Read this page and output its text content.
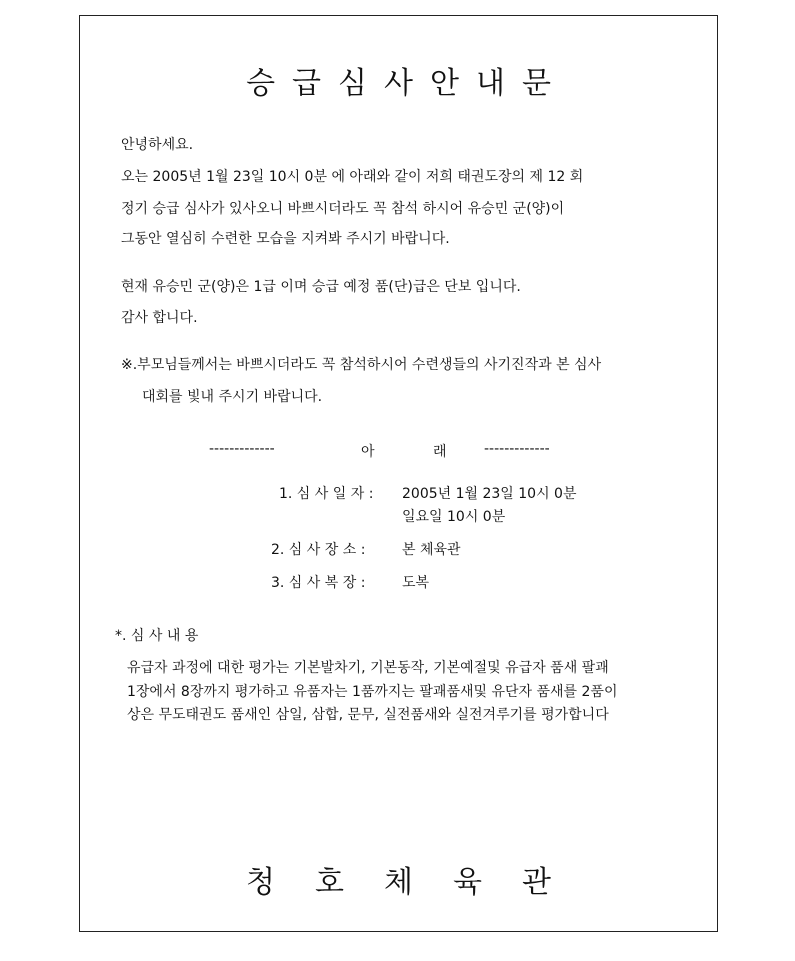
승급심사안내문
안녕하세요.
오는 2005년 1월 23일 10시 0분 에 아래와 같이 저희 태권도장의 제 12 회
정기 승급 심사가 있사오니 바쁘시더라도 꼭 참석 하시어 유승민 군(양)이
그동안 열심히 수련한 모습을 지켜봐 주시기 바랍니다.
현재 유승민 군(양)은 1급 이며 승급 예정 품(단)급은 단보 입니다.
감사 합니다.
※.부모님들께서는 바쁘시더라도 꼭 참석하시어 수련생들의 사기진작과 본 심사
대회를 빛내 주시기 바랍니다.
-------------	아	래	-------------
1. 심 사 일 자 : 2005년 1월 23일 10시 0분
일요일 10시 0분
2. 심 사 장 소 :	본 체육관
3. 심 사 복 장 :	도복
*. 심 사 내 용
유급자 과정에 대한 평가는 기본발차기, 기본동작, 기본예절및 유급자 품새 팔괘
1장에서 8장까지 평가하고 유품자는 1품까지는 팔괘품새및 유단자 품새를 2품이
상은 무도태권도 품새인 삼일, 삼합, 문무, 실전품새와 실전겨루기를 평가합니다
청호체육관
